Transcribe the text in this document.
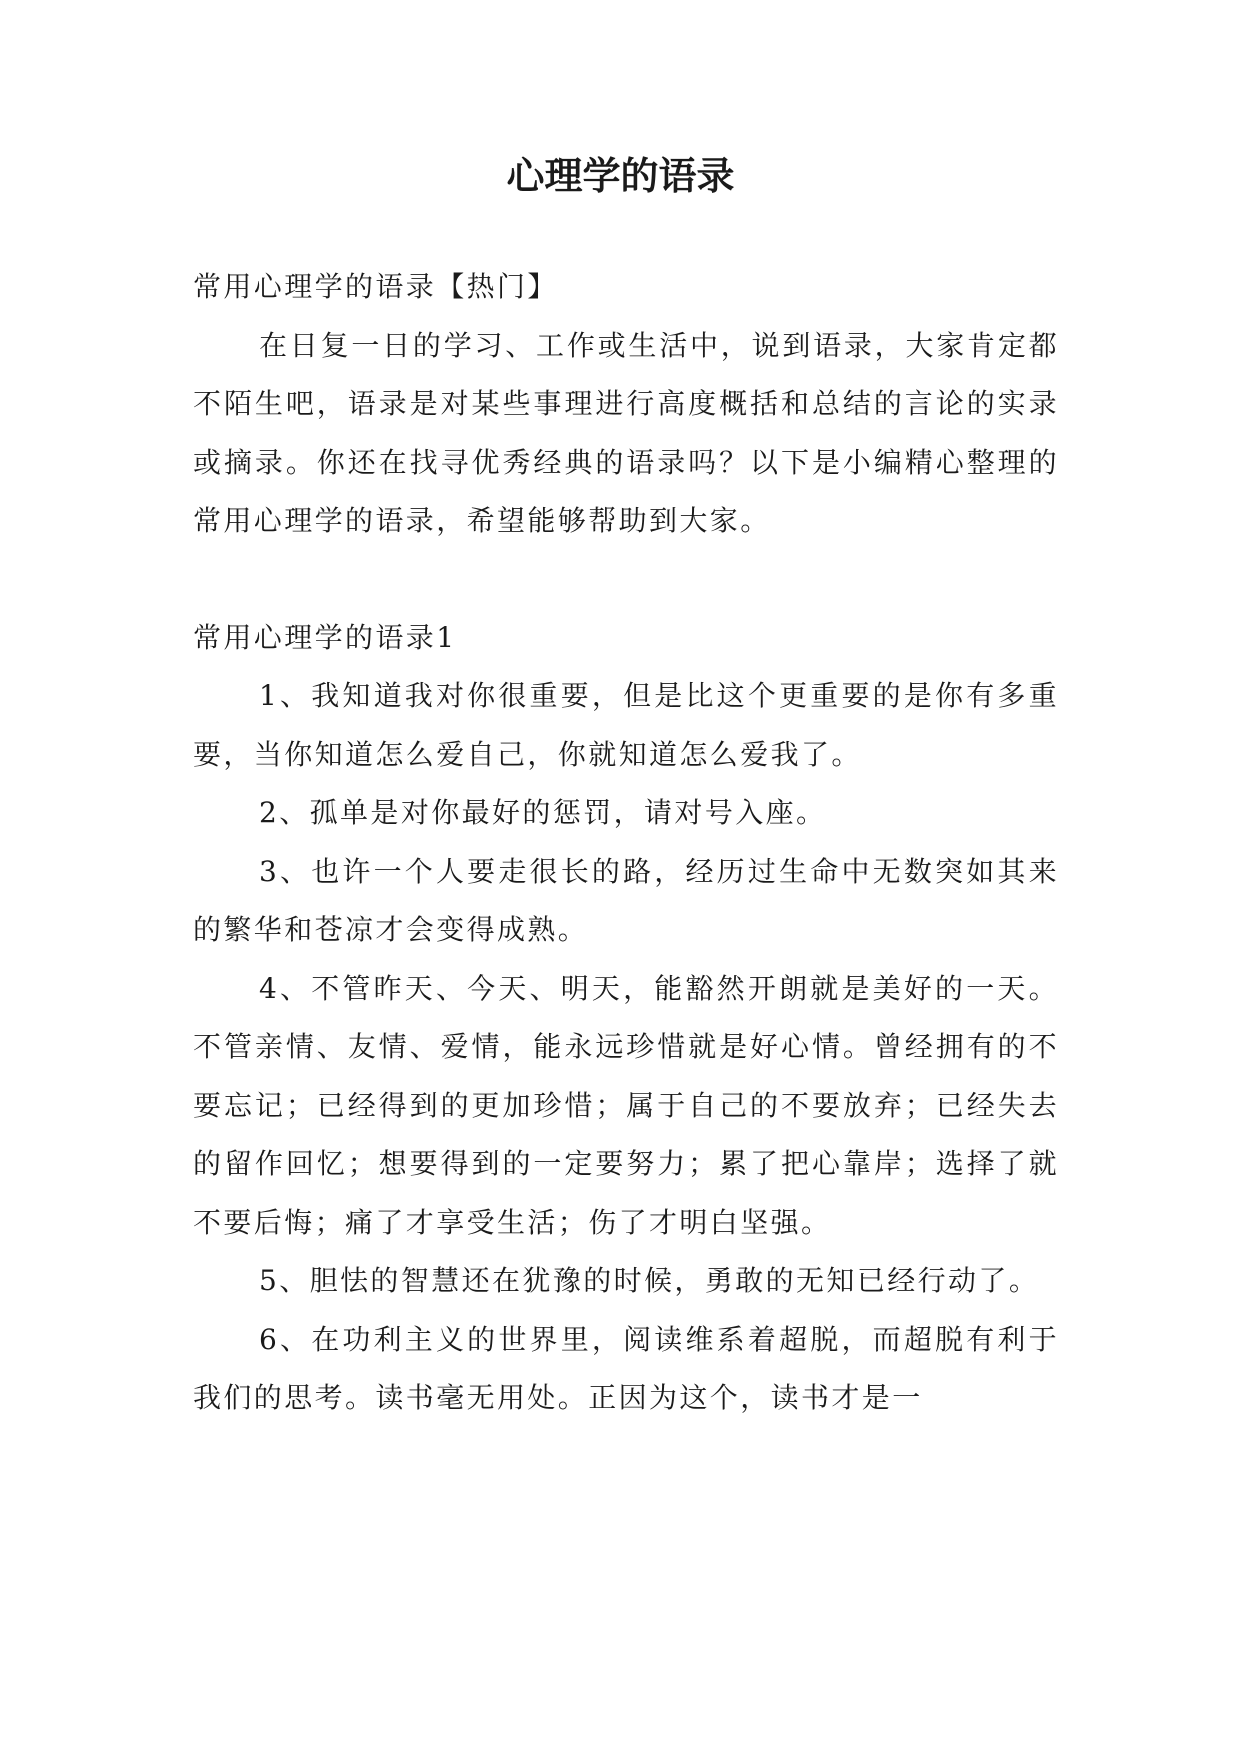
心理学的语录

常用心理学的语录【热门】

在日复一日的学习、工作或生活中，说到语录，大家肯定都不陌生吧，语录是对某些事理进行高度概括和总结的言论的实录或摘录。你还在找寻优秀经典的语录吗？以下是小编精心整理的常用心理学的语录，希望能够帮助到大家。

常用心理学的语录1

1、我知道我对你很重要，但是比这个更重要的是你有多重要，当你知道怎么爱自己，你就知道怎么爱我了。

2、孤单是对你最好的惩罚，请对号入座。

3、也许一个人要走很长的路，经历过生命中无数突如其来的繁华和苍凉才会变得成熟。

4、不管昨天、今天、明天，能豁然开朗就是美好的一天。不管亲情、友情、爱情，能永远珍惜就是好心情。曾经拥有的不要忘记；已经得到的更加珍惜；属于自己的不要放弃；已经失去的留作回忆；想要得到的一定要努力；累了把心靠岸；选择了就不要后悔；痛了才享受生活；伤了才明白坚强。

5、胆怯的智慧还在犹豫的时候，勇敢的无知已经行动了。

6、在功利主义的世界里，阅读维系着超脱，而超脱有利于我们的思考。读书毫无用处。正因为这个，读书才是一
